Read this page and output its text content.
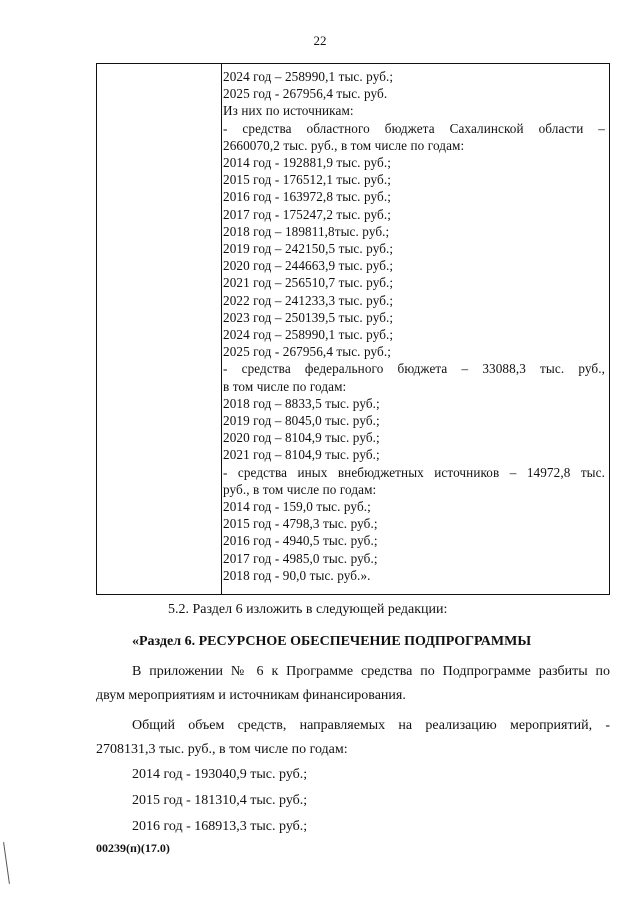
22
2024 год – 258990,1 тыс. руб.;
2025 год - 267956,4 тыс. руб.
Из них по источникам:
- средства областного бюджета Сахалинской области –
2660070,2 тыс. руб., в том числе по годам:
2014 год - 192881,9 тыс. руб.;
2015 год - 176512,1 тыс. руб.;
2016 год - 163972,8 тыс. руб.;
2017 год - 175247,2 тыс. руб.;
2018 год – 189811,8тыс. руб.;
2019 год – 242150,5 тыс. руб.;
2020 год – 244663,9 тыс. руб.;
2021 год – 256510,7 тыс. руб.;
2022 год – 241233,3 тыс. руб.;
2023 год – 250139,5 тыс. руб.;
2024 год – 258990,1 тыс. руб.;
2025 год - 267956,4 тыс. руб.;
- средства федерального бюджета – 33088,3 тыс. руб.,
в том числе по годам:
2018 год – 8833,5 тыс. руб.;
2019 год – 8045,0 тыс. руб.;
2020 год – 8104,9 тыс. руб.;
2021 год – 8104,9 тыс. руб.;
- средства иных внебюджетных источников – 14972,8 тыс.
руб., в том числе по годам:
2014 год - 159,0 тыс. руб.;
2015 год - 4798,3 тыс. руб.;
2016 год - 4940,5 тыс. руб.;
2017 год - 4985,0 тыс. руб.;
2018 год - 90,0 тыс. руб.».
5.2. Раздел 6 изложить в следующей редакции:
«Раздел 6. РЕСУРСНОЕ ОБЕСПЕЧЕНИЕ ПОДПРОГРАММЫ
В приложении № 6 к Программе средства по Подпрограмме разбиты по
двум мероприятиям и источникам финансирования.
Общий объем средств, направляемых на реализацию мероприятий, -
2708131,3 тыс. руб., в том числе по годам:
2014 год - 193040,9 тыс. руб.;
2015 год - 181310,4 тыс. руб.;
2016 год - 168913,3 тыс. руб.;
00239(п)(17.0)
